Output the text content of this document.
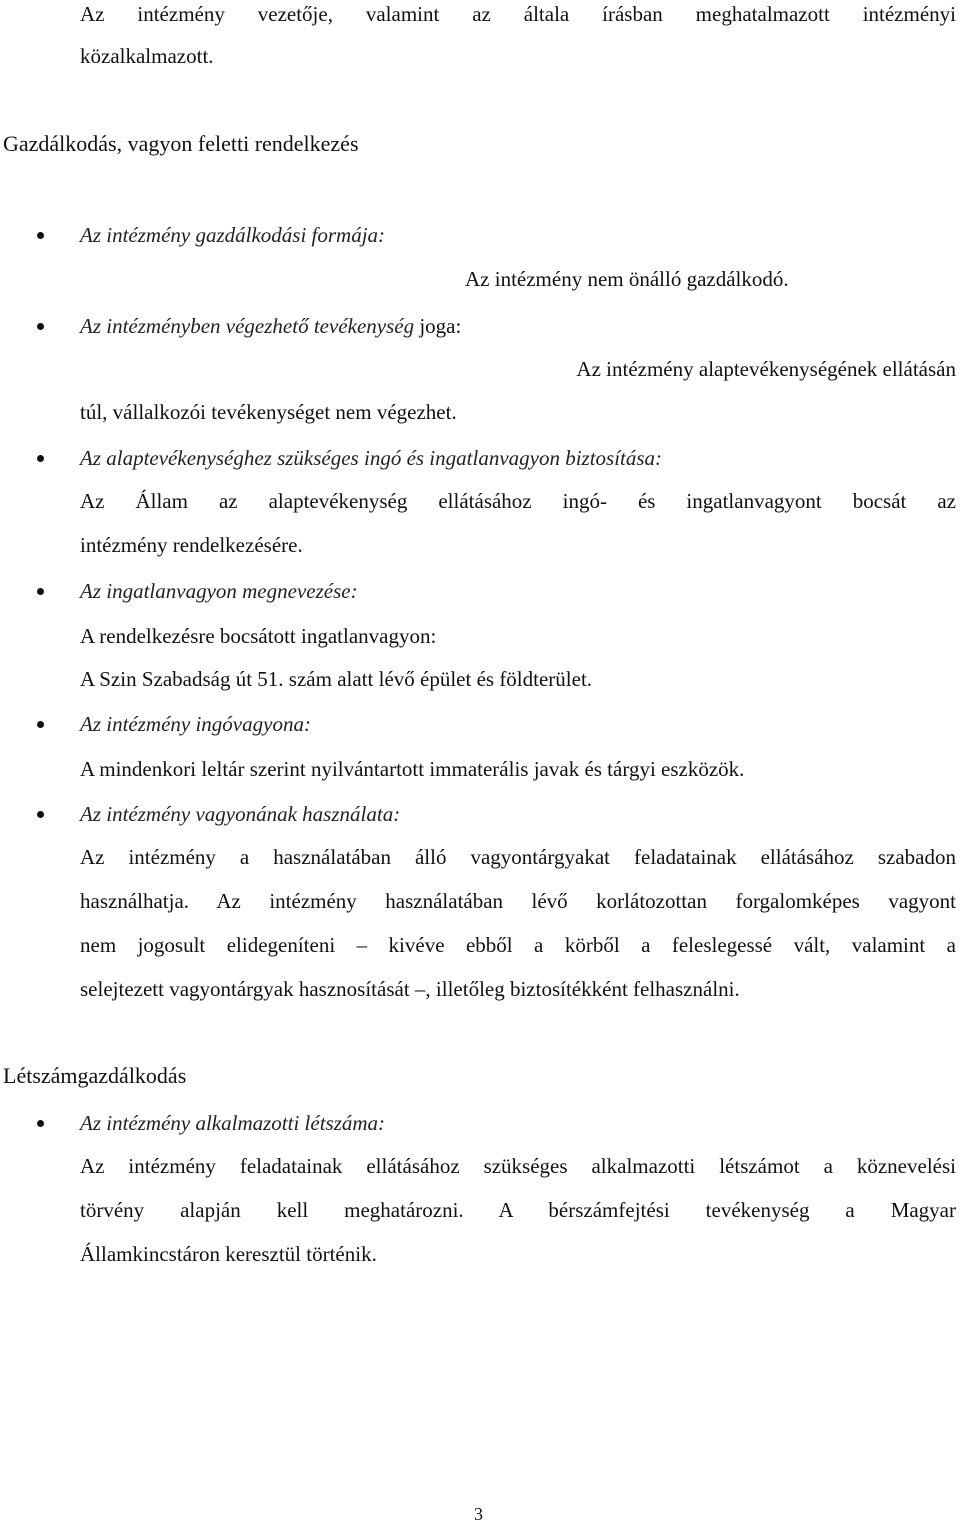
Az intézmény vezetője, valamint az általa írásban meghatalmazott intézményi
közalkalmazott.
Gazdálkodás, vagyon feletti rendelkezés
Az intézmény gazdálkodási formája:
Az intézmény nem önálló gazdálkodó.
Az intézményben végezhető tevékenység joga:
Az intézmény alaptevékenységének ellátásán
túl, vállalkozói tevékenységet nem végezhet.
Az alaptevékenységhez szükséges ingó és ingatlanvagyon biztosítása:
Az Állam az alaptevékenység ellátásához ingó- és ingatlanvagyont bocsát az
intézmény rendelkezésére.
Az ingatlanvagyon megnevezése:
A rendelkezésre bocsátott ingatlanvagyon:
A Szin Szabadság út 51. szám alatt lévő épület és földterület.
Az intézmény ingóvagyona:
A mindenkori leltár szerint nyilvántartott immaterális javak és tárgyi eszközök.
Az intézmény vagyonának használata:
Az intézmény a használatában álló vagyontárgyakat feladatainak ellátásához szabadon
használhatja. Az intézmény használatában lévő korlátozottan forgalomképes vagyont
nem jogosult elidegeníteni – kivéve ebből a körből a feleslegessé vált, valamint a
selejtezett vagyontárgyak hasznosítását –, illetőleg biztosítékként felhasználni.
Létszámgazdálkodás
Az intézmény alkalmazotti létszáma:
Az intézmény feladatainak ellátásához szükséges alkalmazotti létszámot a köznevelési
törvény alapján kell meghatározni. A bérszámfejtési tevékenység a Magyar
Államkincstáron keresztül történik.
3
